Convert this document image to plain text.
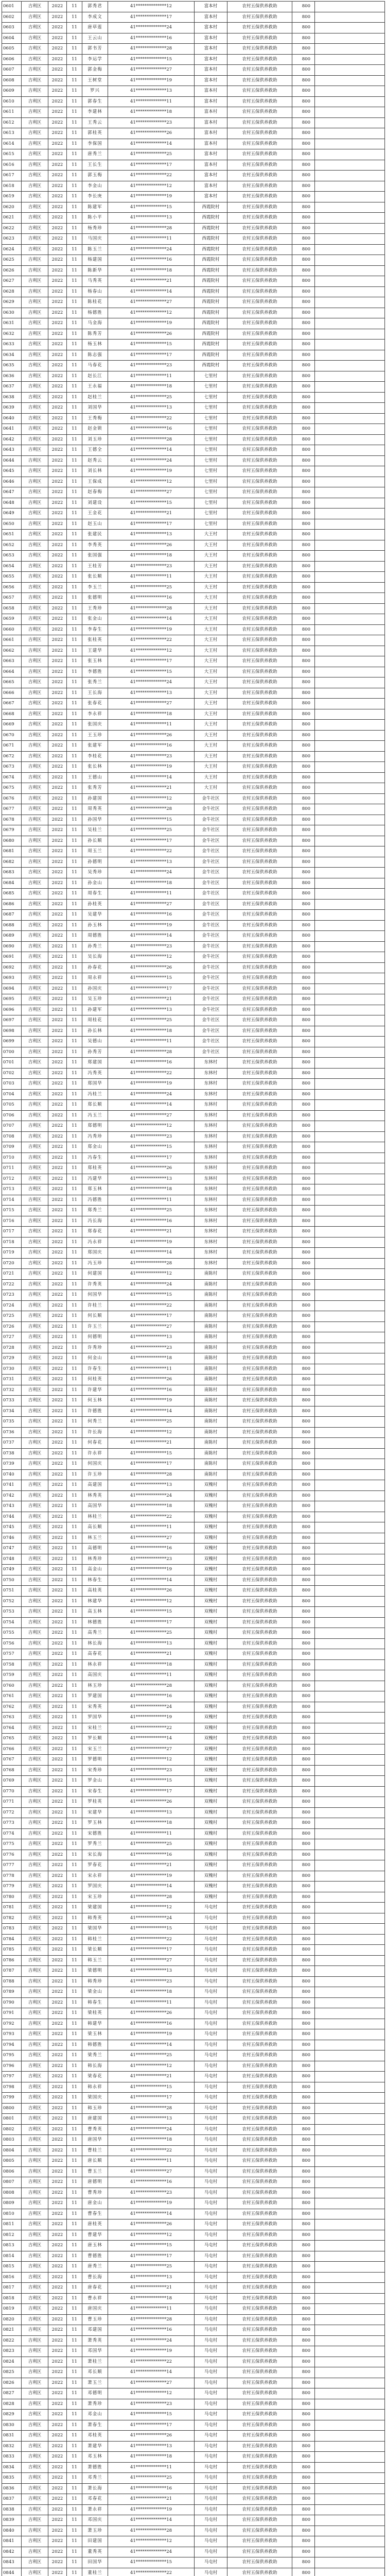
0601	吉利区	2022	11	郭秀君	41**************12	富本村	农村五保供养救助	800	
0602	吉利区	2022	11	李成文	41**************17	富本村	农村五保供养救助	800	
0603	吉利区	2022	11	唐草莲	41**************24	富本村	农村五保供养救助	800	
0604	吉利区	2022	11	王云山	41**************16	富本村	农村五保供养救助	800	
0605	吉利区	2022	11	郭书芳	41**************28	富本村	农村五保供养救助	800	
0606	吉利区	2022	11	李运学	41**************15	富本村	农村五保供养救助	800	
0607	吉利区	2022	11	郭金梅	41**************27	富本村	农村五保供养救助	800	
0608	吉利区	2022	11	王树堂	41**************19	富本村	农村五保供养救助	800	
0609	吉利区	2022	11	罗兴	41**************13	富本村	农村五保供养救助	800	
0610	吉利区	2022	11	郭春生	41**************11	富本村	农村五保供养救助	800	
0611	吉利区	2022	11	李建林	41**************18	富本村	农村五保供养救助	800	
0612	吉利区	2022	11	王秀云	41**************23	富本村	农村五保供养救助	800	
0613	吉利区	2022	11	郭桂英	41**************26	富本村	农村五保供养救助	800	
0614	吉利区	2022	11	李保国	41**************14	富本村	农村五保供养救助	800	
0615	吉利区	2022	11	唐秀兰	41**************25	富本村	农村五保供养救助	800	
0616	吉利区	2022	11	王长生	41**************17	富本村	农村五保供养救助	800	
0617	吉利区	2022	11	郭玉梅	41**************22	富本村	农村五保供养救助	800	
0618	吉利区	2022	11	李金山	41**************12	富本村	农村五保供养救助	800	
0619	吉利区	2022	11	李长庚	41**************19	富本村	农村五保供养救助	800	
0620	吉利区	2022	11	陈建军	41**************15	西霞院村	农村五保供养救助	800	
0621	吉利区	2022	11	陈小平	41**************13	西霞院村	农村五保供养救助	800	
0622	吉利区	2022	11	杨秀珍	41**************28	西霞院村	农村五保供养救助	800	
0623	吉利区	2022	11	马国庆	41**************11	西霞院村	农村五保供养救助	800	
0624	吉利区	2022	11	陈玉兰	41**************24	西霞院村	农村五保供养救助	800	
0625	吉利区	2022	11	杨建国	41**************16	西霞院村	农村五保供养救助	800	
0626	吉利区	2022	11	陈新华	41**************18	西霞院村	农村五保供养救助	800	
0627	吉利区	2022	11	马秀英	41**************21	西霞院村	农村五保供养救助	800	
0628	吉利区	2022	11	杨春山	41**************14	西霞院村	农村五保供养救助	800	
0629	吉利区	2022	11	陈桂花	41**************27	西霞院村	农村五保供养救助	800	
0630	吉利区	2022	11	杨德胜	41**************12	西霞院村	农村五保供养救助	800	
0631	吉利区	2022	11	马金海	41**************19	西霞院村	农村五保供养救助	800	
0632	吉利区	2022	11	陈秀芳	41**************26	西霞院村	农村五保供养救助	800	
0633	吉利区	2022	11	杨玉林	41**************15	西霞院村	农村五保供养救助	800	
0634	吉利区	2022	11	陈志强	41**************17	西霞院村	农村五保供养救助	800	
0635	吉利区	2022	11	马春花	41**************23	西霞院村	农村五保供养救助	800	
0636	吉利区	2022	11	赵长江	41**************11	七里村	农村五保供养救助	800	
0637	吉利区	2022	11	王永福	41**************18	七里村	农村五保供养救助	800	
0638	吉利区	2022	11	赵桂兰	41**************25	七里村	农村五保供养救助	800	
0639	吉利区	2022	11	刘国华	41**************13	七里村	农村五保供养救助	800	
0640	吉利区	2022	11	王秀梅	41**************22	七里村	农村五保供养救助	800	
0641	吉利区	2022	11	赵金锁	41**************16	七里村	农村五保供养救助	800	
0642	吉利区	2022	11	刘玉珍	41**************28	七里村	农村五保供养救助	800	
0643	吉利区	2022	11	王德全	41**************14	七里村	农村五保供养救助	800	
0644	吉利区	2022	11	赵秀云	41**************24	七里村	农村五保供养救助	800	
0645	吉利区	2022	11	刘长林	41**************19	七里村	农村五保供养救助	800	
0646	吉利区	2022	11	王保成	41**************12	七里村	农村五保供养救助	800	
0647	吉利区	2022	11	赵春梅	41**************27	七里村	农村五保供养救助	800	
0648	吉利区	2022	11	刘建设	41**************15	七里村	农村五保供养救助	800	
0649	吉利区	2022	11	王金花	41**************21	七里村	农村五保供养救助	800	
0650	吉利区	2022	11	赵玉山	41**************17	七里村	农村五保供养救助	800	
0651	吉利区	2022	11	张建民	41**************13	大王村	农村五保供养救助	800	
0652	吉利区	2022	11	李秀英	41**************26	大王村	农村五保供养救助	800	
0653	吉利区	2022	11	张国强	41**************18	大王村	农村五保供养救助	800	
0654	吉利区	2022	11	王桂芳	41**************23	大王村	农村五保供养救助	800	
0655	吉利区	2022	11	张长顺	41**************11	大王村	农村五保供养救助	800	
0656	吉利区	2022	11	李玉兰	41**************25	大王村	农村五保供养救助	800	
0657	吉利区	2022	11	张德明	41**************16	大王村	农村五保供养救助	800	
0658	吉利区	2022	11	王秀珍	41**************28	大王村	农村五保供养救助	800	
0659	吉利区	2022	11	张金山	41**************14	大王村	农村五保供养救助	800	
0660	吉利区	2022	11	李春生	41**************19	大王村	农村五保供养救助	800	
0661	吉利区	2022	11	张桂英	41**************22	大王村	农村五保供养救助	800	
0662	吉利区	2022	11	王建华	41**************12	大王村	农村五保供养救助	800	
0663	吉利区	2022	11	张玉林	41**************17	大王村	农村五保供养救助	800	
0664	吉利区	2022	11	李德胜	41**************15	大王村	农村五保供养救助	800	
0665	吉利区	2022	11	张秀兰	41**************24	大王村	农村五保供养救助	800	
0666	吉利区	2022	11	王长海	41**************13	大王村	农村五保供养救助	800	
0667	吉利区	2022	11	张春花	41**************27	大王村	农村五保供养救助	800	
0668	吉利区	2022	11	李永祥	41**************18	大王村	农村五保供养救助	800	
0669	吉利区	2022	11	张国庆	41**************11	大王村	农村五保供养救助	800	
0670	吉利区	2022	11	王玉珍	41**************26	大王村	农村五保供养救助	800	
0671	吉利区	2022	11	张建军	41**************16	大王村	农村五保供养救助	800	
0672	吉利区	2022	11	李桂花	41**************23	大王村	农村五保供养救助	800	
0673	吉利区	2022	11	张长林	41**************19	大王村	农村五保供养救助	800	
0674	吉利区	2022	11	王德山	41**************14	大王村	农村五保供养救助	800	
0675	吉利区	2022	11	张秀芳	41**************21	大王村	农村五保供养救助	800	
0676	吉利区	2022	11	孙建国	41**************12	金牛社区	农村五保供养救助	800	
0677	吉利区	2022	11	周秀英	41**************28	金牛社区	农村五保供养救助	800	
0678	吉利区	2022	11	孙国华	41**************15	金牛社区	农村五保供养救助	800	
0679	吉利区	2022	11	吴桂兰	41**************25	金牛社区	农村五保供养救助	800	
0680	吉利区	2022	11	孙长顺	41**************17	金牛社区	农村五保供养救助	800	
0681	吉利区	2022	11	周玉兰	41**************22	金牛社区	农村五保供养救助	800	
0682	吉利区	2022	11	孙德明	41**************13	金牛社区	农村五保供养救助	800	
0683	吉利区	2022	11	吴秀珍	41**************24	金牛社区	农村五保供养救助	800	
0684	吉利区	2022	11	孙金山	41**************18	金牛社区	农村五保供养救助	800	
0685	吉利区	2022	11	周春生	41**************11	金牛社区	农村五保供养救助	800	
0686	吉利区	2022	11	孙桂英	41**************27	金牛社区	农村五保供养救助	800	
0687	吉利区	2022	11	吴建华	41**************16	金牛社区	农村五保供养救助	800	
0688	吉利区	2022	11	孙玉林	41**************19	金牛社区	农村五保供养救助	800	
0689	吉利区	2022	11	周德胜	41**************14	金牛社区	农村五保供养救助	800	
0690	吉利区	2022	11	孙秀兰	41**************23	金牛社区	农村五保供养救助	800	
0691	吉利区	2022	11	吴长海	41**************12	金牛社区	农村五保供养救助	800	
0692	吉利区	2022	11	孙春花	41**************26	金牛社区	农村五保供养救助	800	
0693	吉利区	2022	11	周永祥	41**************15	金牛社区	农村五保供养救助	800	
0694	吉利区	2022	11	孙国庆	41**************17	金牛社区	农村五保供养救助	800	
0695	吉利区	2022	11	吴玉珍	41**************21	金牛社区	农村五保供养救助	800	
0696	吉利区	2022	11	孙建军	41**************13	金牛社区	农村五保供养救助	800	
0697	吉利区	2022	11	周桂花	41**************25	金牛社区	农村五保供养救助	800	
0698	吉利区	2022	11	孙长林	41**************18	金牛社区	农村五保供养救助	800	
0699	吉利区	2022	11	吴德山	41**************11	金牛社区	农村五保供养救助	800	
0700	吉利区	2022	11	孙秀芳	41**************28	金牛社区	农村五保供养救助	800	
0701	吉利区	2022	11	郑建国	41**************16	东林村	农村五保供养救助	800	
0702	吉利区	2022	11	冯秀英	41**************22	东林村	农村五保供养救助	800	
0703	吉利区	2022	11	郑国华	41**************19	东林村	农村五保供养救助	800	
0704	吉利区	2022	11	冯桂兰	41**************24	东林村	农村五保供养救助	800	
0705	吉利区	2022	11	郑长顺	41**************14	东林村	农村五保供养救助	800	
0706	吉利区	2022	11	冯玉兰	41**************27	东林村	农村五保供养救助	800	
0707	吉利区	2022	11	郑德明	41**************12	东林村	农村五保供养救助	800	
0708	吉利区	2022	11	冯秀珍	41**************23	东林村	农村五保供养救助	800	
0709	吉利区	2022	11	郑金山	41**************15	东林村	农村五保供养救助	800	
0710	吉利区	2022	11	冯春生	41**************17	东林村	农村五保供养救助	800	
0711	吉利区	2022	11	郑桂英	41**************26	东林村	农村五保供养救助	800	
0712	吉利区	2022	11	冯建华	41**************13	东林村	农村五保供养救助	800	
0713	吉利区	2022	11	郑玉林	41**************18	东林村	农村五保供养救助	800	
0714	吉利区	2022	11	冯德胜	41**************11	东林村	农村五保供养救助	800	
0715	吉利区	2022	11	郑秀兰	41**************25	东林村	农村五保供养救助	800	
0716	吉利区	2022	11	冯长海	41**************16	东林村	农村五保供养救助	800	
0717	吉利区	2022	11	郑春花	41**************21	东林村	农村五保供养救助	800	
0718	吉利区	2022	11	冯永祥	41**************19	东林村	农村五保供养救助	800	
0719	吉利区	2022	11	郑国庆	41**************14	东林村	农村五保供养救助	800	
0720	吉利区	2022	11	冯玉珍	41**************28	东林村	农村五保供养救助	800	
0721	吉利区	2022	11	何建国	41**************12	南陈村	农村五保供养救助	800	
0722	吉利区	2022	11	许秀英	41**************24	南陈村	农村五保供养救助	800	
0723	吉利区	2022	11	何国华	41**************15	南陈村	农村五保供养救助	800	
0724	吉利区	2022	11	许桂兰	41**************22	南陈村	农村五保供养救助	800	
0725	吉利区	2022	11	何长顺	41**************17	南陈村	农村五保供养救助	800	
0726	吉利区	2022	11	许玉兰	41**************27	南陈村	农村五保供养救助	800	
0727	吉利区	2022	11	何德明	41**************13	南陈村	农村五保供养救助	800	
0728	吉利区	2022	11	许秀珍	41**************23	南陈村	农村五保供养救助	800	
0729	吉利区	2022	11	何金山	41**************18	南陈村	农村五保供养救助	800	
0730	吉利区	2022	11	许春生	41**************11	南陈村	农村五保供养救助	800	
0731	吉利区	2022	11	何桂英	41**************26	南陈村	农村五保供养救助	800	
0732	吉利区	2022	11	许建华	41**************16	南陈村	农村五保供养救助	800	
0733	吉利区	2022	11	何玉林	41**************19	南陈村	农村五保供养救助	800	
0734	吉利区	2022	11	许德胜	41**************14	南陈村	农村五保供养救助	800	
0735	吉利区	2022	11	何秀兰	41**************25	南陈村	农村五保供养救助	800	
0736	吉利区	2022	11	许长海	41**************12	南陈村	农村五保供养救助	800	
0737	吉利区	2022	11	何春花	41**************21	南陈村	农村五保供养救助	800	
0738	吉利区	2022	11	许永祥	41**************15	南陈村	农村五保供养救助	800	
0739	吉利区	2022	11	何国庆	41**************17	南陈村	农村五保供养救助	800	
0740	吉利区	2022	11	许玉珍	41**************28	南陈村	农村五保供养救助	800	
0741	吉利区	2022	11	高建国	41**************13	双槐村	农村五保供养救助	800	
0742	吉利区	2022	11	林秀英	41**************24	双槐村	农村五保供养救助	800	
0743	吉利区	2022	11	高国华	41**************18	双槐村	农村五保供养救助	800	
0744	吉利区	2022	11	林桂兰	41**************22	双槐村	农村五保供养救助	800	
0745	吉利区	2022	11	高长顺	41**************11	双槐村	农村五保供养救助	800	
0746	吉利区	2022	11	林玉兰	41**************27	双槐村	农村五保供养救助	800	
0747	吉利区	2022	11	高德明	41**************16	双槐村	农村五保供养救助	800	
0748	吉利区	2022	11	林秀珍	41**************23	双槐村	农村五保供养救助	800	
0749	吉利区	2022	11	高金山	41**************19	双槐村	农村五保供养救助	800	
0750	吉利区	2022	11	林春生	41**************14	双槐村	农村五保供养救助	800	
0751	吉利区	2022	11	高桂英	41**************26	双槐村	农村五保供养救助	800	
0752	吉利区	2022	11	林建华	41**************12	双槐村	农村五保供养救助	800	
0753	吉利区	2022	11	高玉林	41**************15	双槐村	农村五保供养救助	800	
0754	吉利区	2022	11	林德胜	41**************17	双槐村	农村五保供养救助	800	
0755	吉利区	2022	11	高秀兰	41**************25	双槐村	农村五保供养救助	800	
0756	吉利区	2022	11	林长海	41**************13	双槐村	农村五保供养救助	800	
0757	吉利区	2022	11	高春花	41**************21	双槐村	农村五保供养救助	800	
0758	吉利区	2022	11	林永祥	41**************18	双槐村	农村五保供养救助	800	
0759	吉利区	2022	11	高国庆	41**************11	双槐村	农村五保供养救助	800	
0760	吉利区	2022	11	林玉珍	41**************28	双槐村	农村五保供养救助	800	
0761	吉利区	2022	11	罗建国	41**************16	双槐村	农村五保供养救助	800	
0762	吉利区	2022	11	宋秀英	41**************24	双槐村	农村五保供养救助	800	
0763	吉利区	2022	11	罗国华	41**************19	双槐村	农村五保供养救助	800	
0764	吉利区	2022	11	宋桂兰	41**************22	双槐村	农村五保供养救助	800	
0765	吉利区	2022	11	罗长顺	41**************14	双槐村	农村五保供养救助	800	
0766	吉利区	2022	11	宋玉兰	41**************27	双槐村	农村五保供养救助	800	
0767	吉利区	2022	11	罗德明	41**************12	双槐村	农村五保供养救助	800	
0768	吉利区	2022	11	宋秀珍	41**************23	双槐村	农村五保供养救助	800	
0769	吉利区	2022	11	罗金山	41**************15	双槐村	农村五保供养救助	800	
0770	吉利区	2022	11	宋春生	41**************17	双槐村	农村五保供养救助	800	
0771	吉利区	2022	11	罗桂英	41**************26	双槐村	农村五保供养救助	800	
0772	吉利区	2022	11	宋建华	41**************13	双槐村	农村五保供养救助	800	
0773	吉利区	2022	11	罗玉林	41**************18	双槐村	农村五保供养救助	800	
0774	吉利区	2022	11	宋德胜	41**************11	双槐村	农村五保供养救助	800	
0775	吉利区	2022	11	罗秀兰	41**************25	双槐村	农村五保供养救助	800	
0776	吉利区	2022	11	宋长海	41**************16	双槐村	农村五保供养救助	800	
0777	吉利区	2022	11	罗春花	41**************21	双槐村	农村五保供养救助	800	
0778	吉利区	2022	11	宋永祥	41**************19	双槐村	农村五保供养救助	800	
0779	吉利区	2022	11	罗国庆	41**************14	双槐村	农村五保供养救助	800	
0780	吉利区	2022	11	宋玉珍	41**************28	双槐村	农村五保供养救助	800	
0781	吉利区	2022	11	梁建国	41**************12	马屯村	农村五保供养救助	800	
0782	吉利区	2022	11	韩秀英	41**************24	马屯村	农村五保供养救助	800	
0783	吉利区	2022	11	梁国华	41**************15	马屯村	农村五保供养救助	800	
0784	吉利区	2022	11	韩桂兰	41**************22	马屯村	农村五保供养救助	800	
0785	吉利区	2022	11	梁长顺	41**************17	马屯村	农村五保供养救助	800	
0786	吉利区	2022	11	韩玉兰	41**************27	马屯村	农村五保供养救助	800	
0787	吉利区	2022	11	梁德明	41**************13	马屯村	农村五保供养救助	800	
0788	吉利区	2022	11	韩秀珍	41**************23	马屯村	农村五保供养救助	800	
0789	吉利区	2022	11	梁金山	41**************18	马屯村	农村五保供养救助	800	
0790	吉利区	2022	11	韩春生	41**************11	马屯村	农村五保供养救助	800	
0791	吉利区	2022	11	梁桂英	41**************26	马屯村	农村五保供养救助	800	
0792	吉利区	2022	11	韩建华	41**************16	马屯村	农村五保供养救助	800	
0793	吉利区	2022	11	梁玉林	41**************19	马屯村	农村五保供养救助	800	
0794	吉利区	2022	11	韩德胜	41**************14	马屯村	农村五保供养救助	800	
0795	吉利区	2022	11	梁秀兰	41**************25	马屯村	农村五保供养救助	800	
0796	吉利区	2022	11	韩长海	41**************12	马屯村	农村五保供养救助	800	
0797	吉利区	2022	11	梁春花	41**************21	马屯村	农村五保供养救助	800	
0798	吉利区	2022	11	韩永祥	41**************15	马屯村	农村五保供养救助	800	
0799	吉利区	2022	11	梁国庆	41**************17	马屯村	农村五保供养救助	800	
0800	吉利区	2022	11	韩玉珍	41**************28	马屯村	农村五保供养救助	800	
0801	吉利区	2022	11	唐建国	41**************13	马屯村	农村五保供养救助	800	
0802	吉利区	2022	11	曹秀英	41**************24	马屯村	农村五保供养救助	800	
0803	吉利区	2022	11	唐国华	41**************18	马屯村	农村五保供养救助	800	
0804	吉利区	2022	11	曹桂兰	41**************22	马屯村	农村五保供养救助	800	
0805	吉利区	2022	11	唐长顺	41**************11	马屯村	农村五保供养救助	800	
0806	吉利区	2022	11	曹玉兰	41**************27	马屯村	农村五保供养救助	800	
0807	吉利区	2022	11	唐德明	41**************16	马屯村	农村五保供养救助	800	
0808	吉利区	2022	11	曹秀珍	41**************23	马屯村	农村五保供养救助	800	
0809	吉利区	2022	11	唐金山	41**************19	马屯村	农村五保供养救助	800	
0810	吉利区	2022	11	曹春生	41**************14	马屯村	农村五保供养救助	800	
0811	吉利区	2022	11	唐桂英	41**************26	马屯村	农村五保供养救助	800	
0812	吉利区	2022	11	曹建华	41**************12	马屯村	农村五保供养救助	800	
0813	吉利区	2022	11	唐玉林	41**************15	马屯村	农村五保供养救助	800	
0814	吉利区	2022	11	曹德胜	41**************17	马屯村	农村五保供养救助	800	
0815	吉利区	2022	11	唐秀兰	41**************25	马屯村	农村五保供养救助	800	
0816	吉利区	2022	11	曹长海	41**************13	马屯村	农村五保供养救助	800	
0817	吉利区	2022	11	唐春花	41**************21	马屯村	农村五保供养救助	800	
0818	吉利区	2022	11	曹永祥	41**************18	马屯村	农村五保供养救助	800	
0819	吉利区	2022	11	唐国庆	41**************11	马屯村	农村五保供养救助	800	
0820	吉利区	2022	11	曹玉珍	41**************28	马屯村	农村五保供养救助	800	
0821	吉利区	2022	11	邓建国	41**************16	马屯村	农村五保供养救助	800	
0822	吉利区	2022	11	萧秀英	41**************24	马屯村	农村五保供养救助	800	
0823	吉利区	2022	11	邓国华	41**************19	马屯村	农村五保供养救助	800	
0824	吉利区	2022	11	萧桂兰	41**************22	马屯村	农村五保供养救助	800	
0825	吉利区	2022	11	邓长顺	41**************14	马屯村	农村五保供养救助	800	
0826	吉利区	2022	11	萧玉兰	41**************27	马屯村	农村五保供养救助	800	
0827	吉利区	2022	11	邓德明	41**************12	马屯村	农村五保供养救助	800	
0828	吉利区	2022	11	萧秀珍	41**************23	马屯村	农村五保供养救助	800	
0829	吉利区	2022	11	邓金山	41**************15	马屯村	农村五保供养救助	800	
0830	吉利区	2022	11	萧春生	41**************17	马屯村	农村五保供养救助	800	
0831	吉利区	2022	11	邓桂英	41**************26	马屯村	农村五保供养救助	800	
0832	吉利区	2022	11	萧建华	41**************13	马屯村	农村五保供养救助	800	
0833	吉利区	2022	11	邓玉林	41**************18	马屯村	农村五保供养救助	800	
0834	吉利区	2022	11	萧德胜	41**************11	马屯村	农村五保供养救助	800	
0835	吉利区	2022	11	邓秀兰	41**************25	马屯村	农村五保供养救助	800	
0836	吉利区	2022	11	萧长海	41**************16	马屯村	农村五保供养救助	800	
0837	吉利区	2022	11	邓春花	41**************21	马屯村	农村五保供养救助	800	
0838	吉利区	2022	11	萧永祥	41**************19	马屯村	农村五保供养救助	800	
0839	吉利区	2022	11	邓国庆	41**************14	马屯村	农村五保供养救助	800	
0840	吉利区	2022	11	萧玉珍	41**************28	马屯村	农村五保供养救助	800	
0841	吉利区	2022	11	田建国	41**************12	马屯村	农村五保供养救助	800	
0842	吉利区	2022	11	董秀英	41**************24	马屯村	农村五保供养救助	800	
0843	吉利区	2022	11	田国华	41**************15	马屯村	农村五保供养救助	800	
0844	吉利区	2022	11	董桂兰	41**************22	马屯村	农村五保供养救助	800	
